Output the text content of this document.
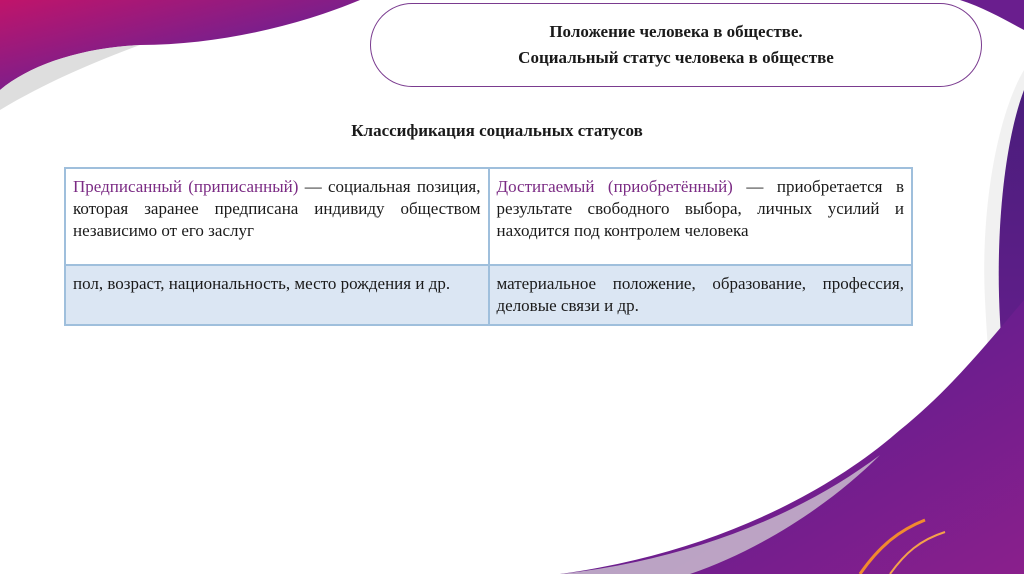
Положение человека в обществе.
Социальный статус человека в обществе
Классификация социальных статусов
Предписанный (приписанный) — социальная позиция, которая заранее предписана индивиду обществом независимо от его заслуг	Достигаемый (приобретённый) — приобретается в результате свободного выбора, личных усилий и находится под контролем человека
пол, возраст, национальность, место рождения и др.	материальное положение, образование, профессия, деловые связи и др.
